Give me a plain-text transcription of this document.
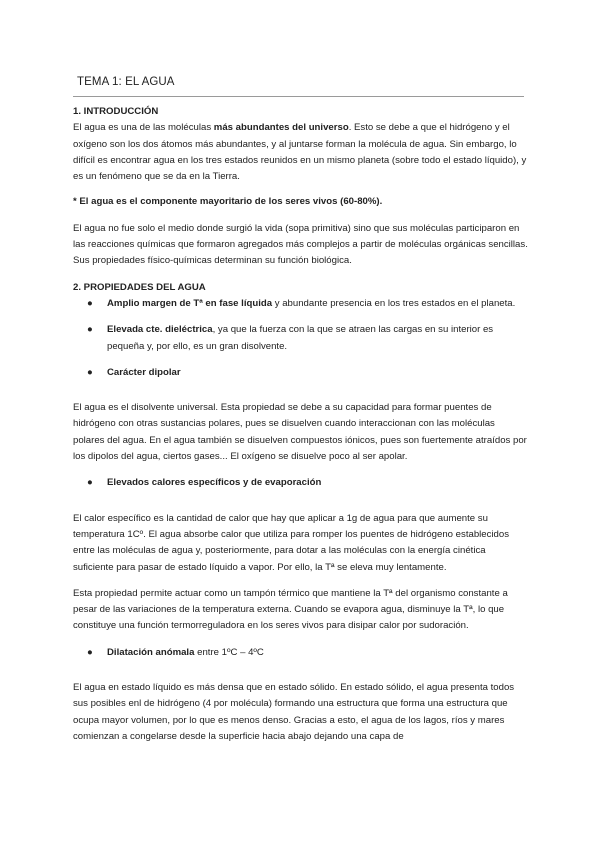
TEMA 1: EL AGUA

1. INTRODUCCIÓN

El agua es una de las moléculas más abundantes del universo. Esto se debe a que el hidrógeno y el oxígeno son los dos átomos más abundantes, y al juntarse forman la molécula de agua. Sin embargo, lo difícil es encontrar agua en los tres estados reunidos en un mismo planeta (sobre todo el estado líquido), y es un fenómeno que se da en la Tierra.

* El agua es el componente mayoritario de los seres vivos (60-80%).

El agua no fue solo el medio donde surgió la vida (sopa primitiva) sino que sus moléculas participaron en las reacciones químicas que formaron agregados más complejos a partir de moléculas orgánicas sencillas. Sus propiedades físico-químicas determinan su función biológica.

2. PROPIEDADES DEL AGUA

● Amplio margen de Tª en fase líquida y abundante presencia en los tres estados en el planeta.
● Elevada cte. dieléctrica, ya que la fuerza con la que se atraen las cargas en su interior es pequeña y, por ello, es un gran disolvente.
● Carácter dipolar

El agua es el disolvente universal. Esta propiedad se debe a su capacidad para formar puentes de hidrógeno con otras sustancias polares, pues se disuelven cuando interaccionan con las moléculas polares del agua. En el agua también se disuelven compuestos iónicos, pues son fuertemente atraídos por los dipolos del agua, ciertos gases... El oxígeno se disuelve poco al ser apolar.

● Elevados calores específicos y de evaporación

El calor específico es la cantidad de calor que hay que aplicar a 1g de agua para que aumente su temperatura 1Cº. El agua absorbe calor que utiliza para romper los puentes de hidrógeno establecidos entre las moléculas de agua y, posteriormente, para dotar a las moléculas con la energía cinética suficiente para pasar de estado líquido a vapor. Por ello, la Tª se eleva muy lentamente.

Esta propiedad permite actuar como un tampón térmico que mantiene la Tª del organismo constante a pesar de las variaciones de la temperatura externa. Cuando se evapora agua, disminuye la Tª, lo que constituye una función termorreguladora en los seres vivos para disipar calor por sudoración.

● Dilatación anómala entre 1ºC – 4ºC

El agua en estado líquido es más densa que en estado sólido. En estado sólido, el agua presenta todos sus posibles enl de hidrógeno (4 por molécula) formando una estructura que forma una estructura que ocupa mayor volumen, por lo que es menos denso. Gracias a esto, el agua de los lagos, ríos y mares comienzan a congelarse desde la superficie hacia abajo dejando una capa de
